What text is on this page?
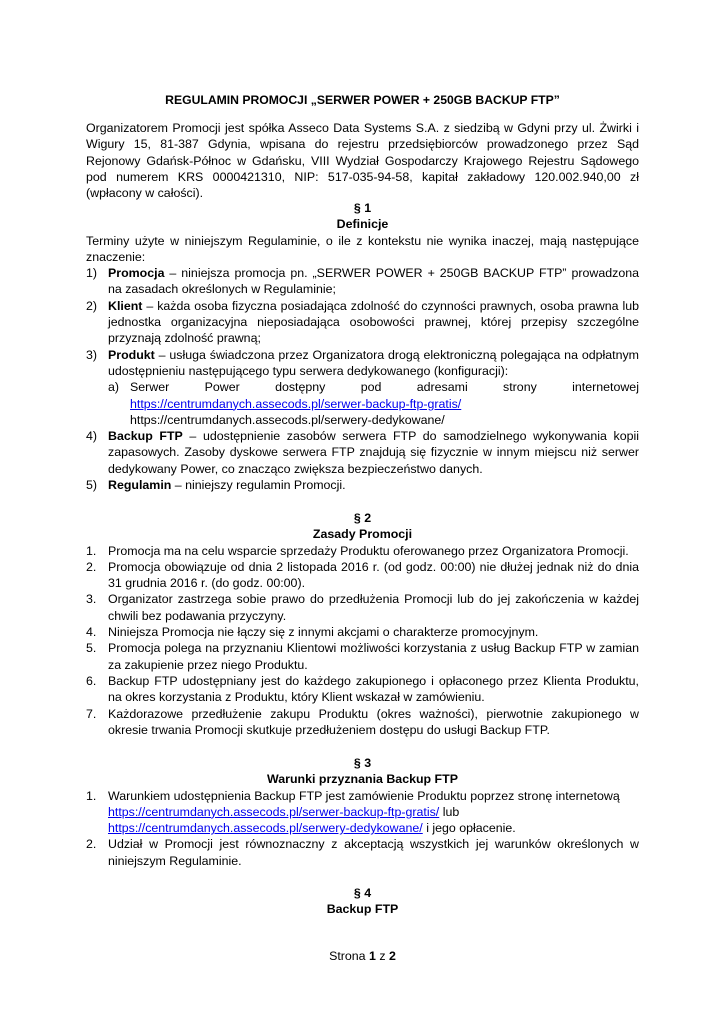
REGULAMIN PROMOCJI „SERWER POWER + 250GB BACKUP FTP”

Organizatorem Promocji jest spółka Asseco Data Systems S.A. z siedzibą w Gdyni przy ul. Żwirki i Wigury 15, 81-387 Gdynia, wpisana do rejestru przedsiębiorców prowadzonego przez Sąd Rejonowy Gdańsk-Północ w Gdańsku, VIII Wydział Gospodarczy Krajowego Rejestru Sądowego pod numerem KRS 0000421310, NIP: 517-035-94-58, kapitał zakładowy 120.002.940,00 zł (wpłacony w całości).

§ 1
Definicje

Terminy użyte w niniejszym Regulaminie, o ile z kontekstu nie wynika inaczej, mają następujące znaczenie:

1) Promocja – niniejsza promocja pn. „SERWER POWER + 250GB BACKUP FTP” prowadzona na zasadach określonych w Regulaminie;
2) Klient – każda osoba fizyczna posiadająca zdolność do czynności prawnych, osoba prawna lub jednostka organizacyjna nieposiadająca osobowości prawnej, której przepisy szczególne przyznają zdolność prawną;
3) Produkt – usługa świadczona przez Organizatora drogą elektroniczną polegająca na odpłatnym udostępnieniu następującego typu serwera dedykowanego (konfiguracji):
a) Serwer	Power	dostępny	pod	adresami	strony	internetowej
https://centrumdanych.assecods.pl/serwer-backup-ftp-gratis/
https://centrumdanych.assecods.pl/serwery-dedykowane/
4) Backup FTP – udostępnienie zasobów serwera FTP do samodzielnego wykonywania kopii zapasowych. Zasoby dyskowe serwera FTP znajdują się fizycznie w innym miejscu niż serwer dedykowany Power, co znacząco zwiększa bezpieczeństwo danych.
5) Regulamin – niniejszy regulamin Promocji.
§ 2
Zasady Promocji
1. Promocja ma na celu wsparcie sprzedaży Produktu oferowanego przez Organizatora Promocji.
2. Promocja obowiązuje od dnia 2 listopada 2016 r. (od godz. 00:00) nie dłużej jednak niż do dnia 31 grudnia 2016 r. (do godz. 00:00).
3. Organizator zastrzega sobie prawo do przedłużenia Promocji lub do jej zakończenia w każdej chwili bez podawania przyczyny.
4. Niniejsza Promocja nie łączy się z innymi akcjami o charakterze promocyjnym.
5. Promocja polega na przyznaniu Klientowi możliwości korzystania z usług Backup FTP w zamian za zakupienie przez niego Produktu.
6. Backup FTP udostępniany jest do każdego zakupionego i opłaconego przez Klienta Produktu, na okres korzystania z Produktu, który Klient wskazał w zamówieniu.
7. Każdorazowe przedłużenie zakupu Produktu (okres ważności), pierwotnie zakupionego w okresie trwania Promocji skutkuje przedłużeniem dostępu do usługi Backup FTP.
§ 3
Warunki przyznania Backup FTP
1. Warunkiem udostępnienia Backup FTP jest zamówienie Produktu poprzez stronę internetową
https://centrumdanych.assecods.pl/serwer-backup-ftp-gratis/ lub
https://centrumdanych.assecods.pl/serwery-dedykowane/ i jego opłacenie.
2. Udział w Promocji jest równoznaczny z akceptacją wszystkich jej warunków określonych w niniejszym Regulaminie.
§ 4
Backup FTP
Strona 1 z 2
